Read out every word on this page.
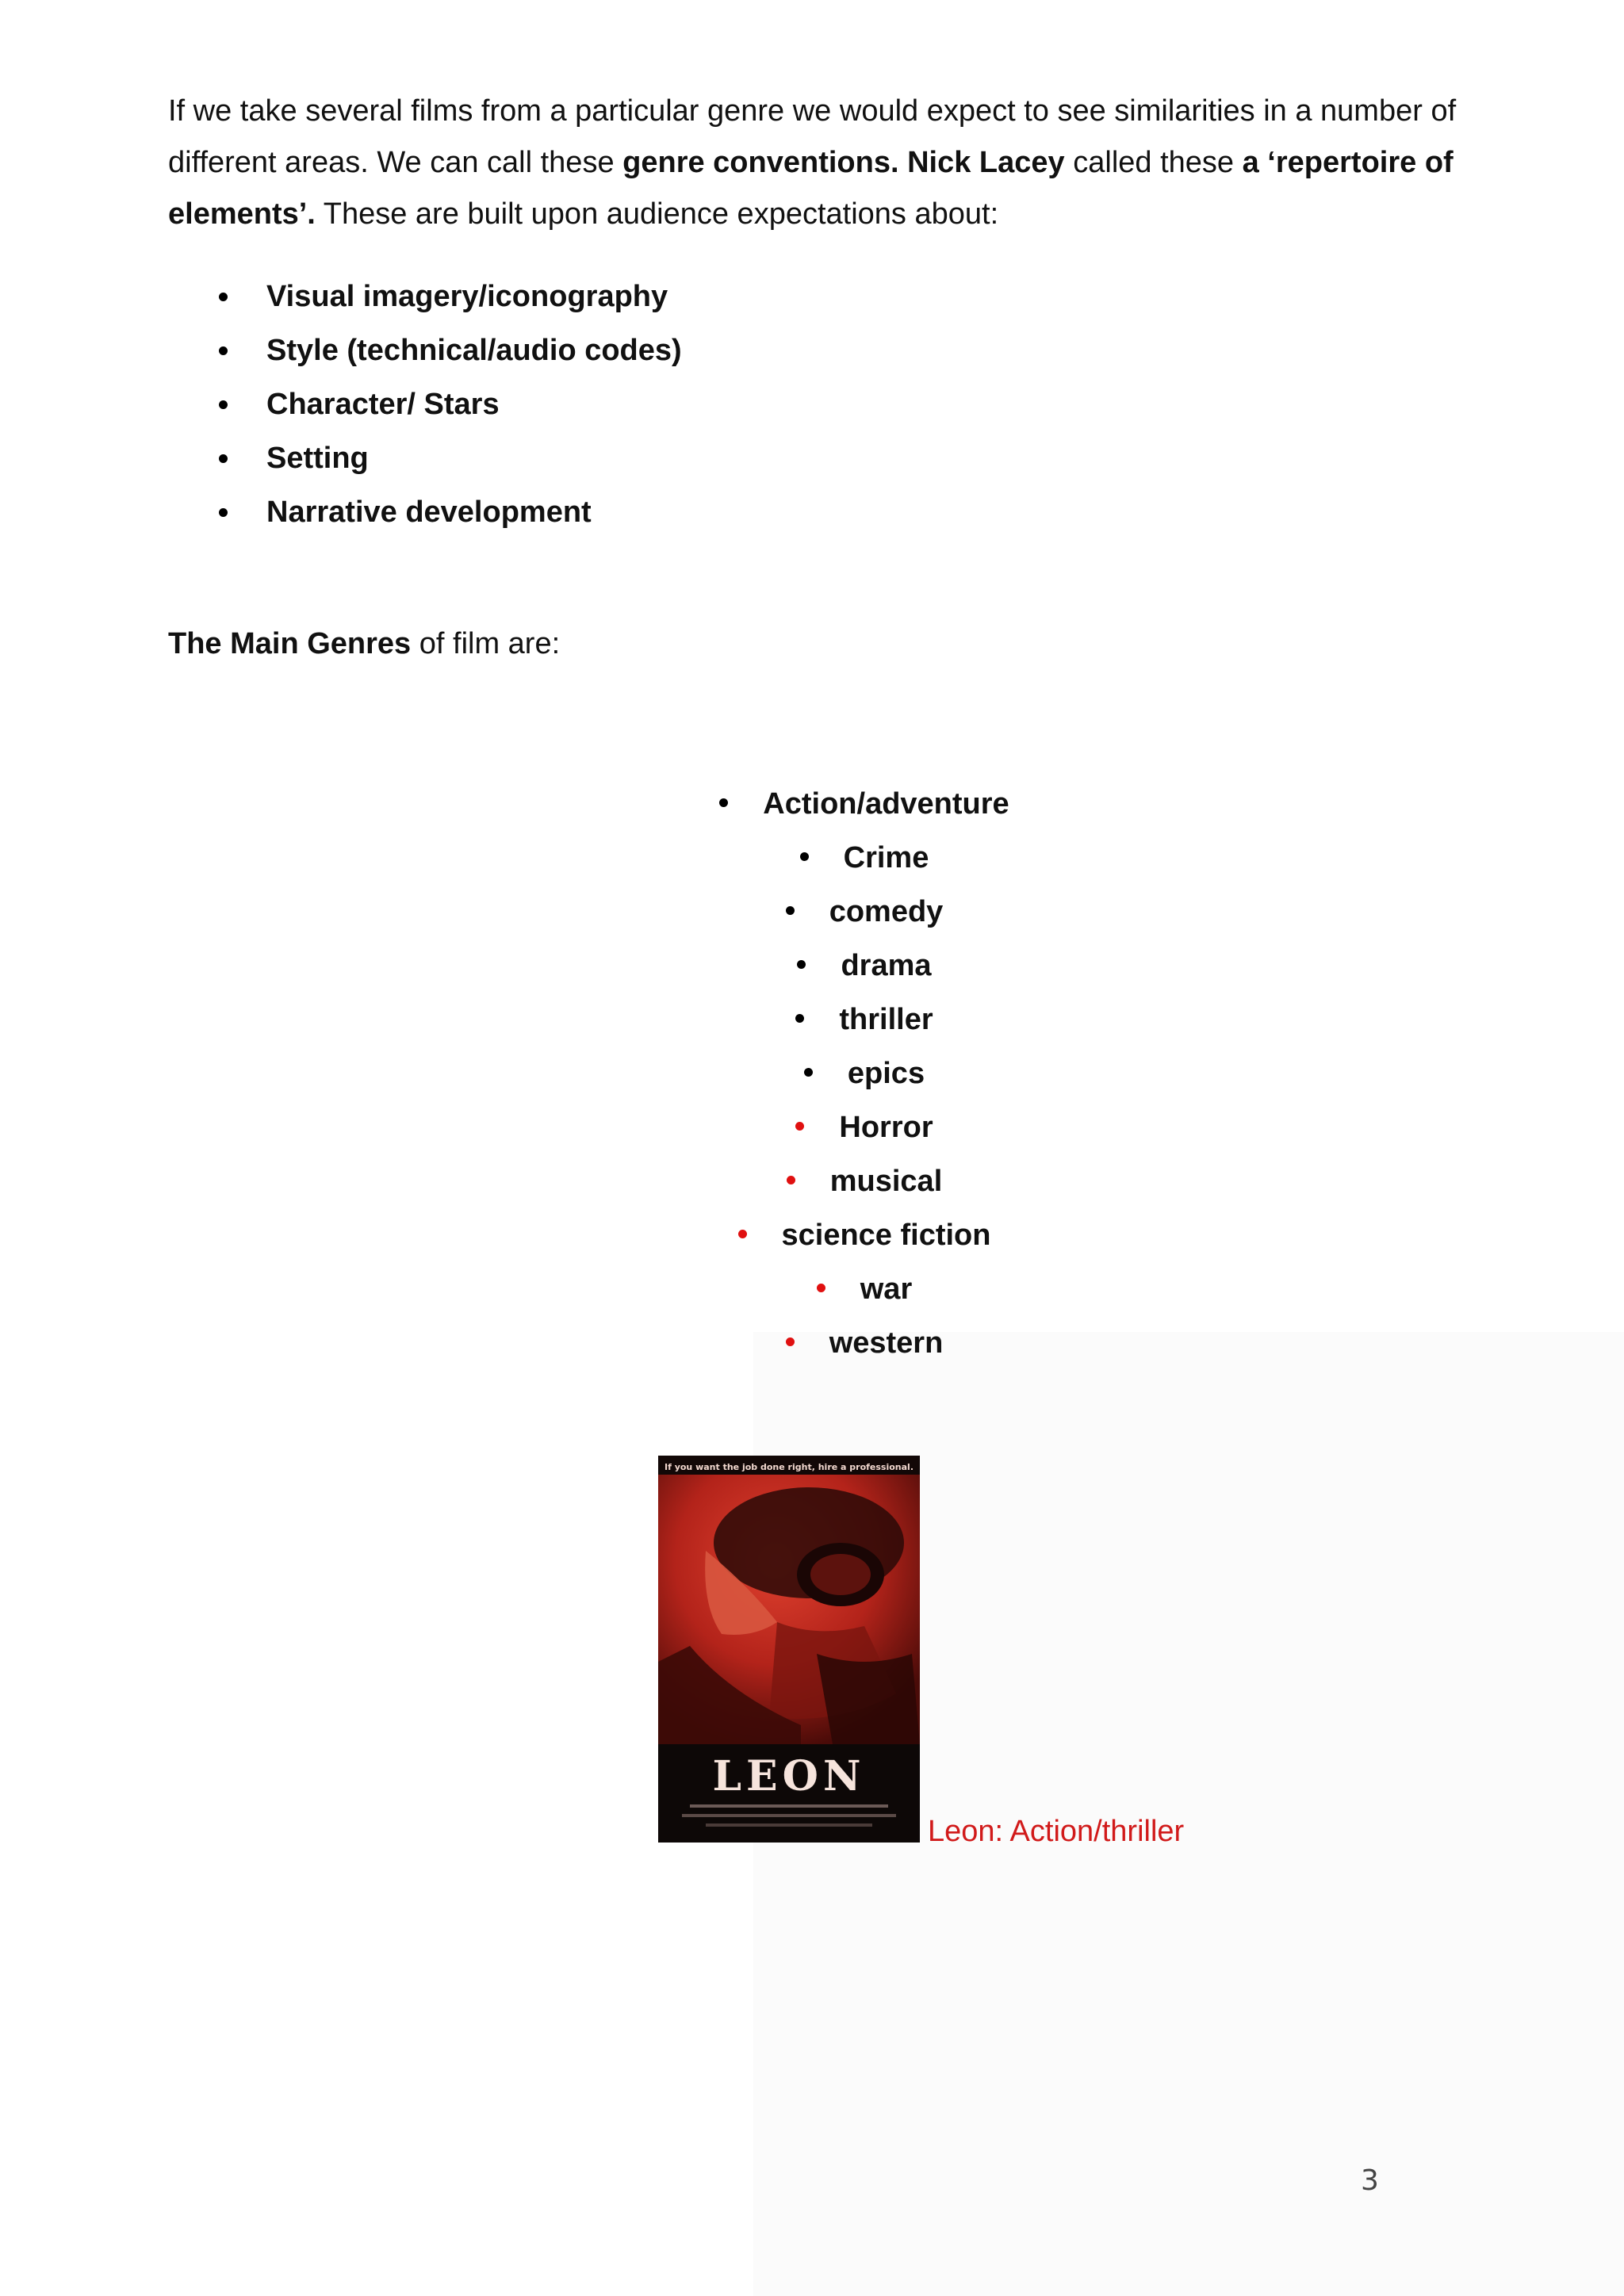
If we take several films from a particular genre we would expect to see similarities in a number of different areas. We can call these genre conventions. Nick Lacey called these a ‘repertoire of elements’. These are built upon audience expectations about:

Visual imagery/iconography
Style (technical/audio codes)
Character/ Stars
Setting
Narrative development

The Main Genres of film are:

Action/adventure
Crime
comedy
drama
thriller
epics
Horror
musical
science fiction
war
western
If you want the job done right, hire a professional.
LEON
Leon: Action/thriller
3
